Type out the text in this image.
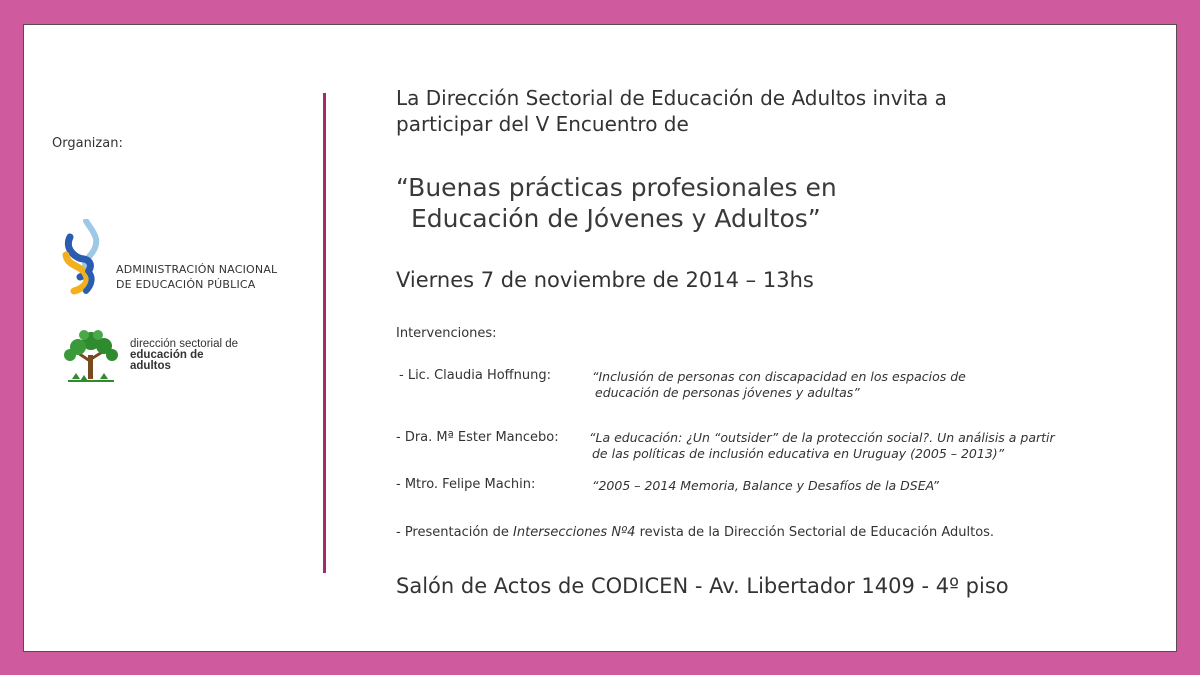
Organizan:
ADMINISTRACIÓN NACIONAL
DE EDUCACIÓN PÚBLICA
dirección sectorial de
educación de
adultos
La Dirección Sectorial de Educación de Adultos invita a
participar del V Encuentro de
“Buenas prácticas profesionales en
Educación de Jóvenes y Adultos”
Viernes 7 de noviembre de 2014 – 13hs
Intervenciones:
- Lic. Claudia Hoffnung:	“Inclusión de personas con discapacidad en los espacios de
educación de personas jóvenes y adultas”
- Dra. Mª Ester Mancebo: “La educación: ¿Un “outsider” de la protección social?. Un análisis a partir
de las políticas de inclusión educativa en Uruguay (2005 – 2013)”
- Mtro. Felipe Machin:	“2005 – 2014 Memoria, Balance y Desafíos de la DSEA”
- Presentación de Intersecciones Nº4 revista de la Dirección Sectorial de Educación Adultos.
Salón de Actos de CODICEN - Av. Libertador 1409 - 4º piso
